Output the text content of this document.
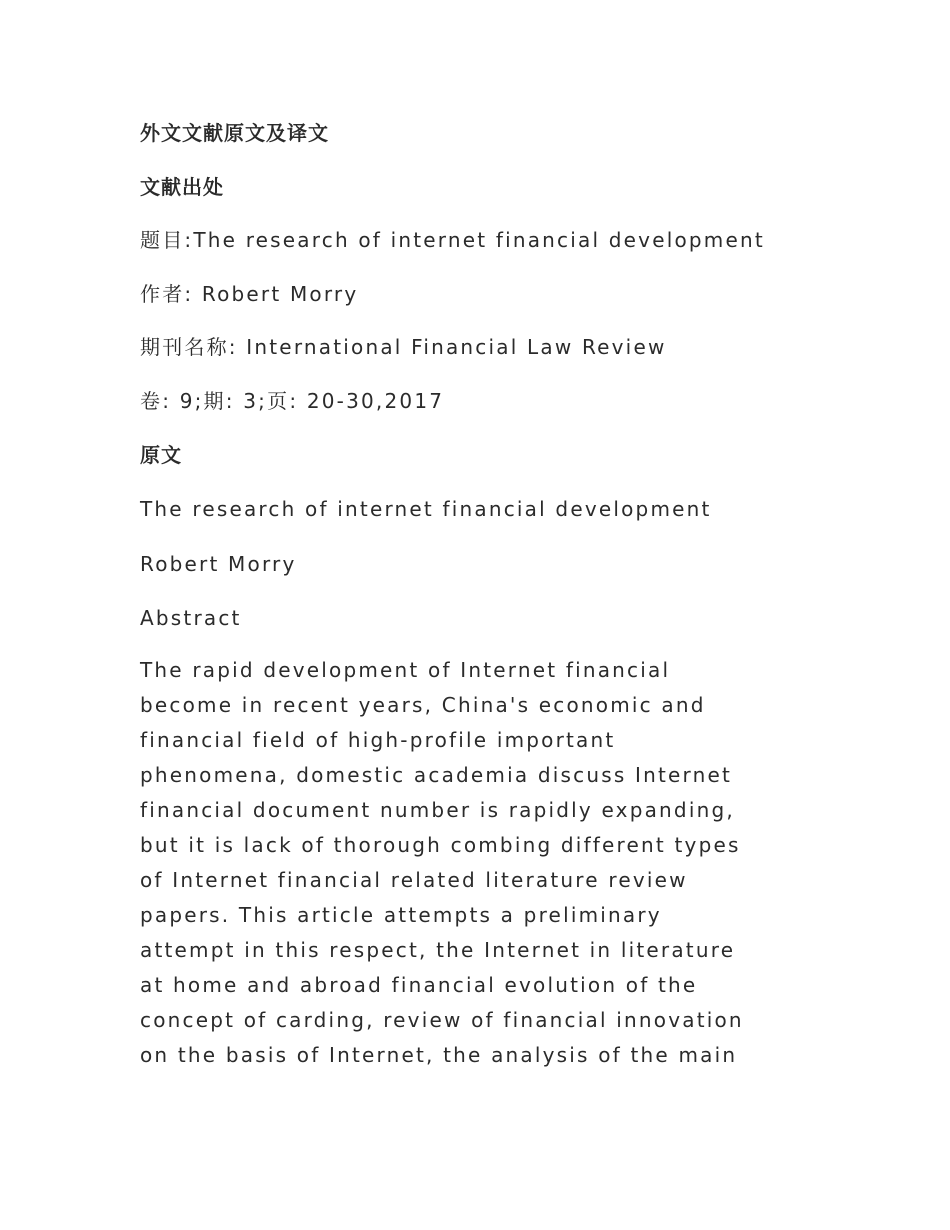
外文文献原文及译文

文献出处

题目:The research of internet financial development

作者: Robert Morry

期刊名称: International Financial Law Review

卷: 9;期: 3;页: 20-30,2017

原文

The research of internet financial development

Robert Morry

Abstract

The rapid development of Internet financial
become in recent years, China's economic and
financial field of high-profile important
phenomena, domestic academia discuss Internet
financial document number is rapidly expanding,
but it is lack of thorough combing different types
of Internet financial related literature review
papers. This article attempts a preliminary
attempt in this respect, the Internet in literature
at home and abroad financial evolution of the
concept of carding, review of financial innovation
on the basis of Internet, the analysis of the main
